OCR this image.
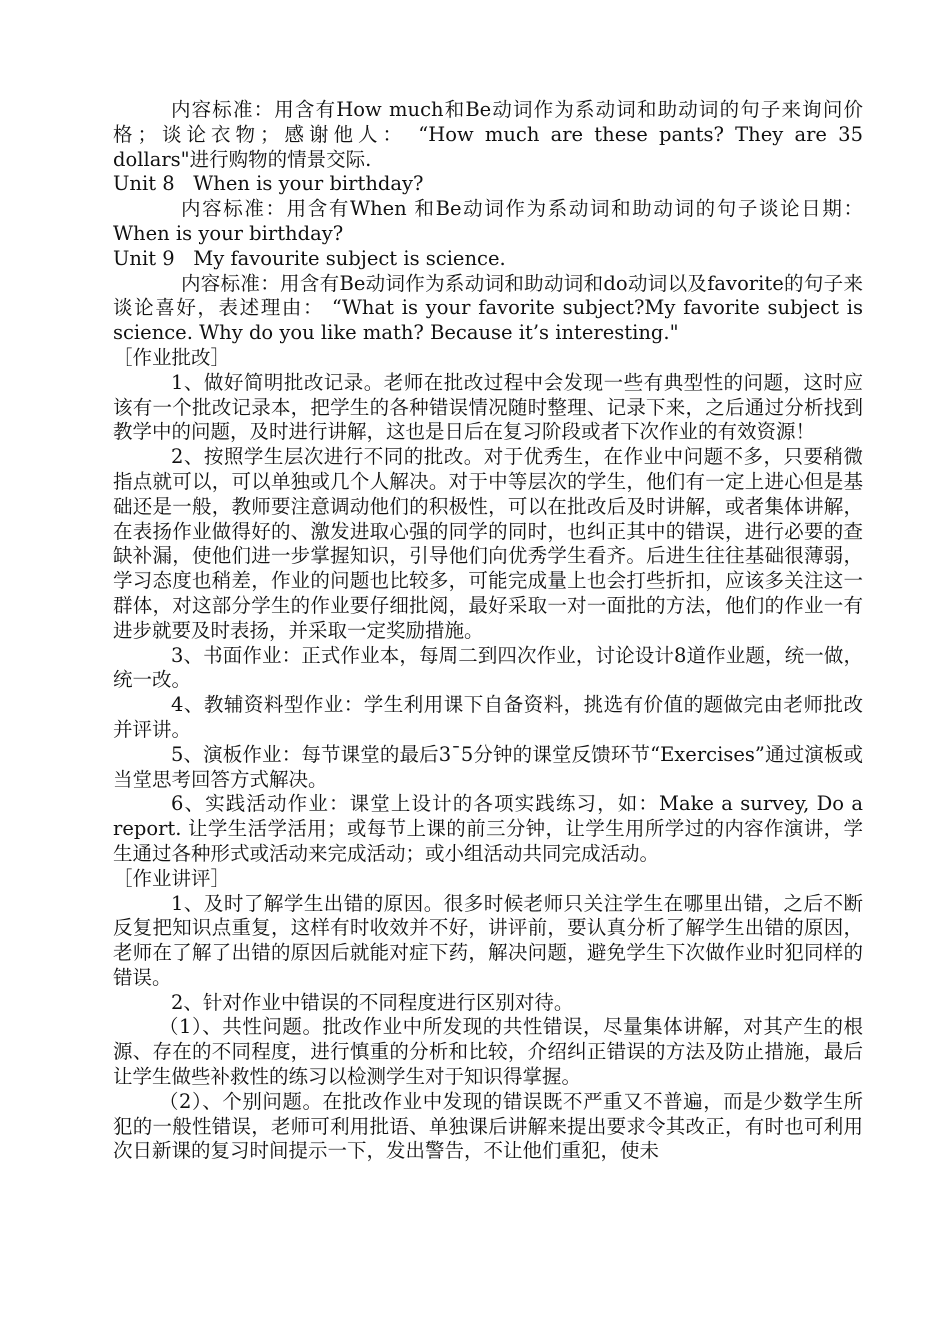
内容标准：用含有How much和Be动词作为系动词和助动词的句子来询问价格；谈论衣物；感谢他人： “How much are these pants? They are 35 dollars"进行购物的情景交际.

Unit 8   When is your birthday?

内容标准：用含有When 和Be动词作为系动词和助动词的句子谈论日期：When is your birthday?

Unit 9   My favourite subject is science.

内容标准：用含有Be动词作为系动词和助动词和do动词以及favorite的句子来谈论喜好，表述理由： “What is your favorite subject?My favorite subject is science. Why do you like math? Because it’s interesting."

［作业批改］

1、做好简明批改记录。老师在批改过程中会发现一些有典型性的问题，这时应该有一个批改记录本，把学生的各种错误情况随时整理、记录下来，之后通过分析找到教学中的问题，及时进行讲解，这也是日后在复习阶段或者下次作业的有效资源！

2、按照学生层次进行不同的批改。对于优秀生，在作业中问题不多，只要稍微指点就可以，可以单独或几个人解决。对于中等层次的学生，他们有一定上进心但是基础还是一般，教师要注意调动他们的积极性，可以在批改后及时讲解，或者集体讲解，在表扬作业做得好的、激发进取心强的同学的同时，也纠正其中的错误，进行必要的查缺补漏，使他们进一步掌握知识，引导他们向优秀学生看齐。后进生往往基础很薄弱，学习态度也稍差，作业的问题也比较多，可能完成量上也会打些折扣，应该多关注这一群体，对这部分学生的作业要仔细批阅，最好采取一对一面批的方法，他们的作业一有进步就要及时表扬，并采取一定奖励措施。

3、书面作业：正式作业本，每周二到四次作业，讨论设计8道作业题，统一做，统一改。

4、教辅资料型作业：学生利用课下自备资料，挑选有价值的题做完由老师批改并评讲。

5、演板作业：每节课堂的最后3¯5分钟的课堂反馈环节“Exercises”通过演板或当堂思考回答方式解决。

6、实践活动作业：课堂上设计的各项实践练习，如：Make a survey, Do a report. 让学生活学活用；或每节上课的前三分钟，让学生用所学过的内容作演讲，学生通过各种形式或活动来完成活动；或小组活动共同完成活动。

［作业讲评］

1、及时了解学生出错的原因。很多时候老师只关注学生在哪里出错，之后不断反复把知识点重复，这样有时收效并不好，讲评前，要认真分析了解学生出错的原因，老师在了解了出错的原因后就能对症下药，解决问题，避免学生下次做作业时犯同样的错误。

2、针对作业中错误的不同程度进行区别对待。

（1）、共性问题。批改作业中所发现的共性错误，尽量集体讲解，对其产生的根源、存在的不同程度，进行慎重的分析和比较，介绍纠正错误的方法及防止措施，最后让学生做些补救性的练习以检测学生对于知识得掌握。

（2）、个别问题。在批改作业中发现的错误既不严重又不普遍，而是少数学生所犯的一般性错误，老师可利用批语、单独课后讲解来提出要求令其改正，有时也可利用次日新课的复习时间提示一下，发出警告，不让他们重犯，使未
